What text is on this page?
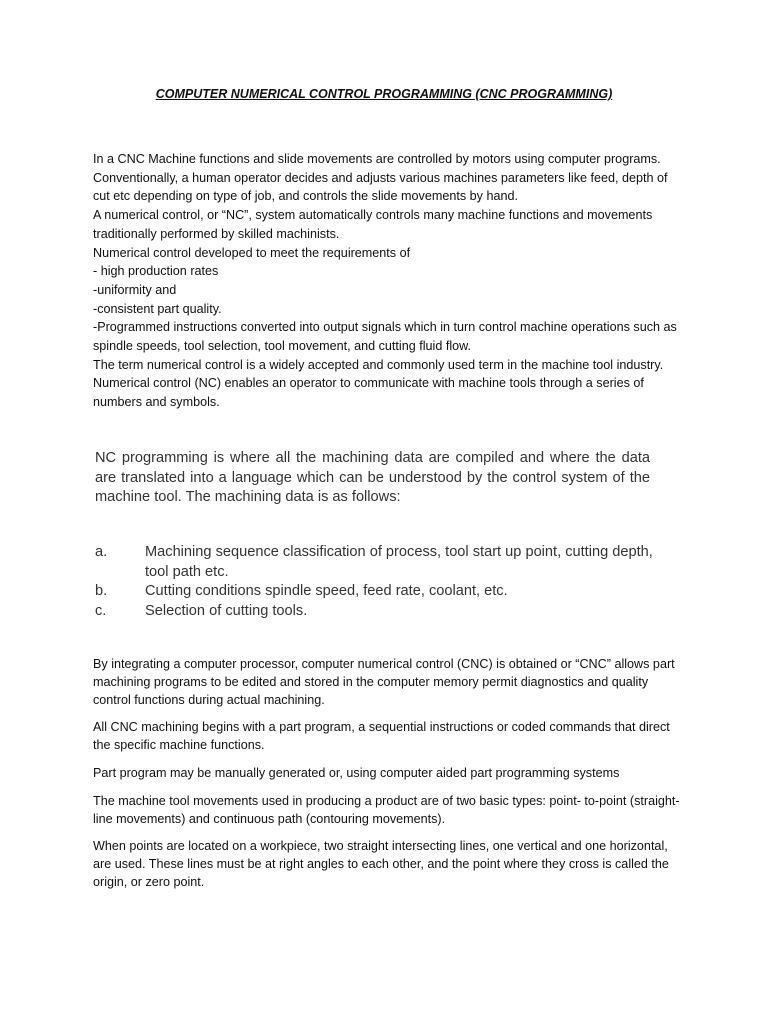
COMPUTER NUMERICAL CONTROL PROGRAMMING (CNC PROGRAMMING)

In a CNC Machine functions and slide movements are controlled by motors using computer programs.

Conventionally, a human operator decides and adjusts various machines parameters like feed, depth of cut etc depending on type of job, and controls the slide movements by hand.

A numerical control, or “NC”, system automatically controls many machine functions and movements traditionally performed by skilled machinists.

Numerical control developed to meet the requirements of

- high production rates

-uniformity and

-consistent part quality.

-Programmed instructions converted into output signals which in turn control machine operations such as spindle speeds, tool selection, tool movement, and cutting fluid flow.

The term numerical control is a widely accepted and commonly used term in the machine tool industry. Numerical control (NC) enables an operator to communicate with machine tools through a series of numbers and symbols.

NC programming is where all the machining data are compiled and where the data are translated into a language which can be understood by the control system of the machine tool. The machining data is as follows:
a.	Machining sequence classification of process, tool start up point, cutting depth, tool path etc.
b.	Cutting conditions spindle speed, feed rate, coolant, etc.
c.	Selection of cutting tools.

By integrating a computer processor, computer numerical control (CNC) is obtained or “CNC” allows part machining programs to be edited and stored in the computer memory permit diagnostics and quality control functions during actual machining.

All CNC machining begins with a part program, a sequential instructions or coded commands that direct the specific machine functions.

Part program may be manually generated or, using computer aided part programming systems

The machine tool movements used in producing a product are of two basic types: point- to-point (straight-line movements) and continuous path (contouring movements).

When points are located on a workpiece, two straight intersecting lines, one vertical and one horizontal, are used. These lines must be at right angles to each other, and the point where they cross is called the origin, or zero point.
